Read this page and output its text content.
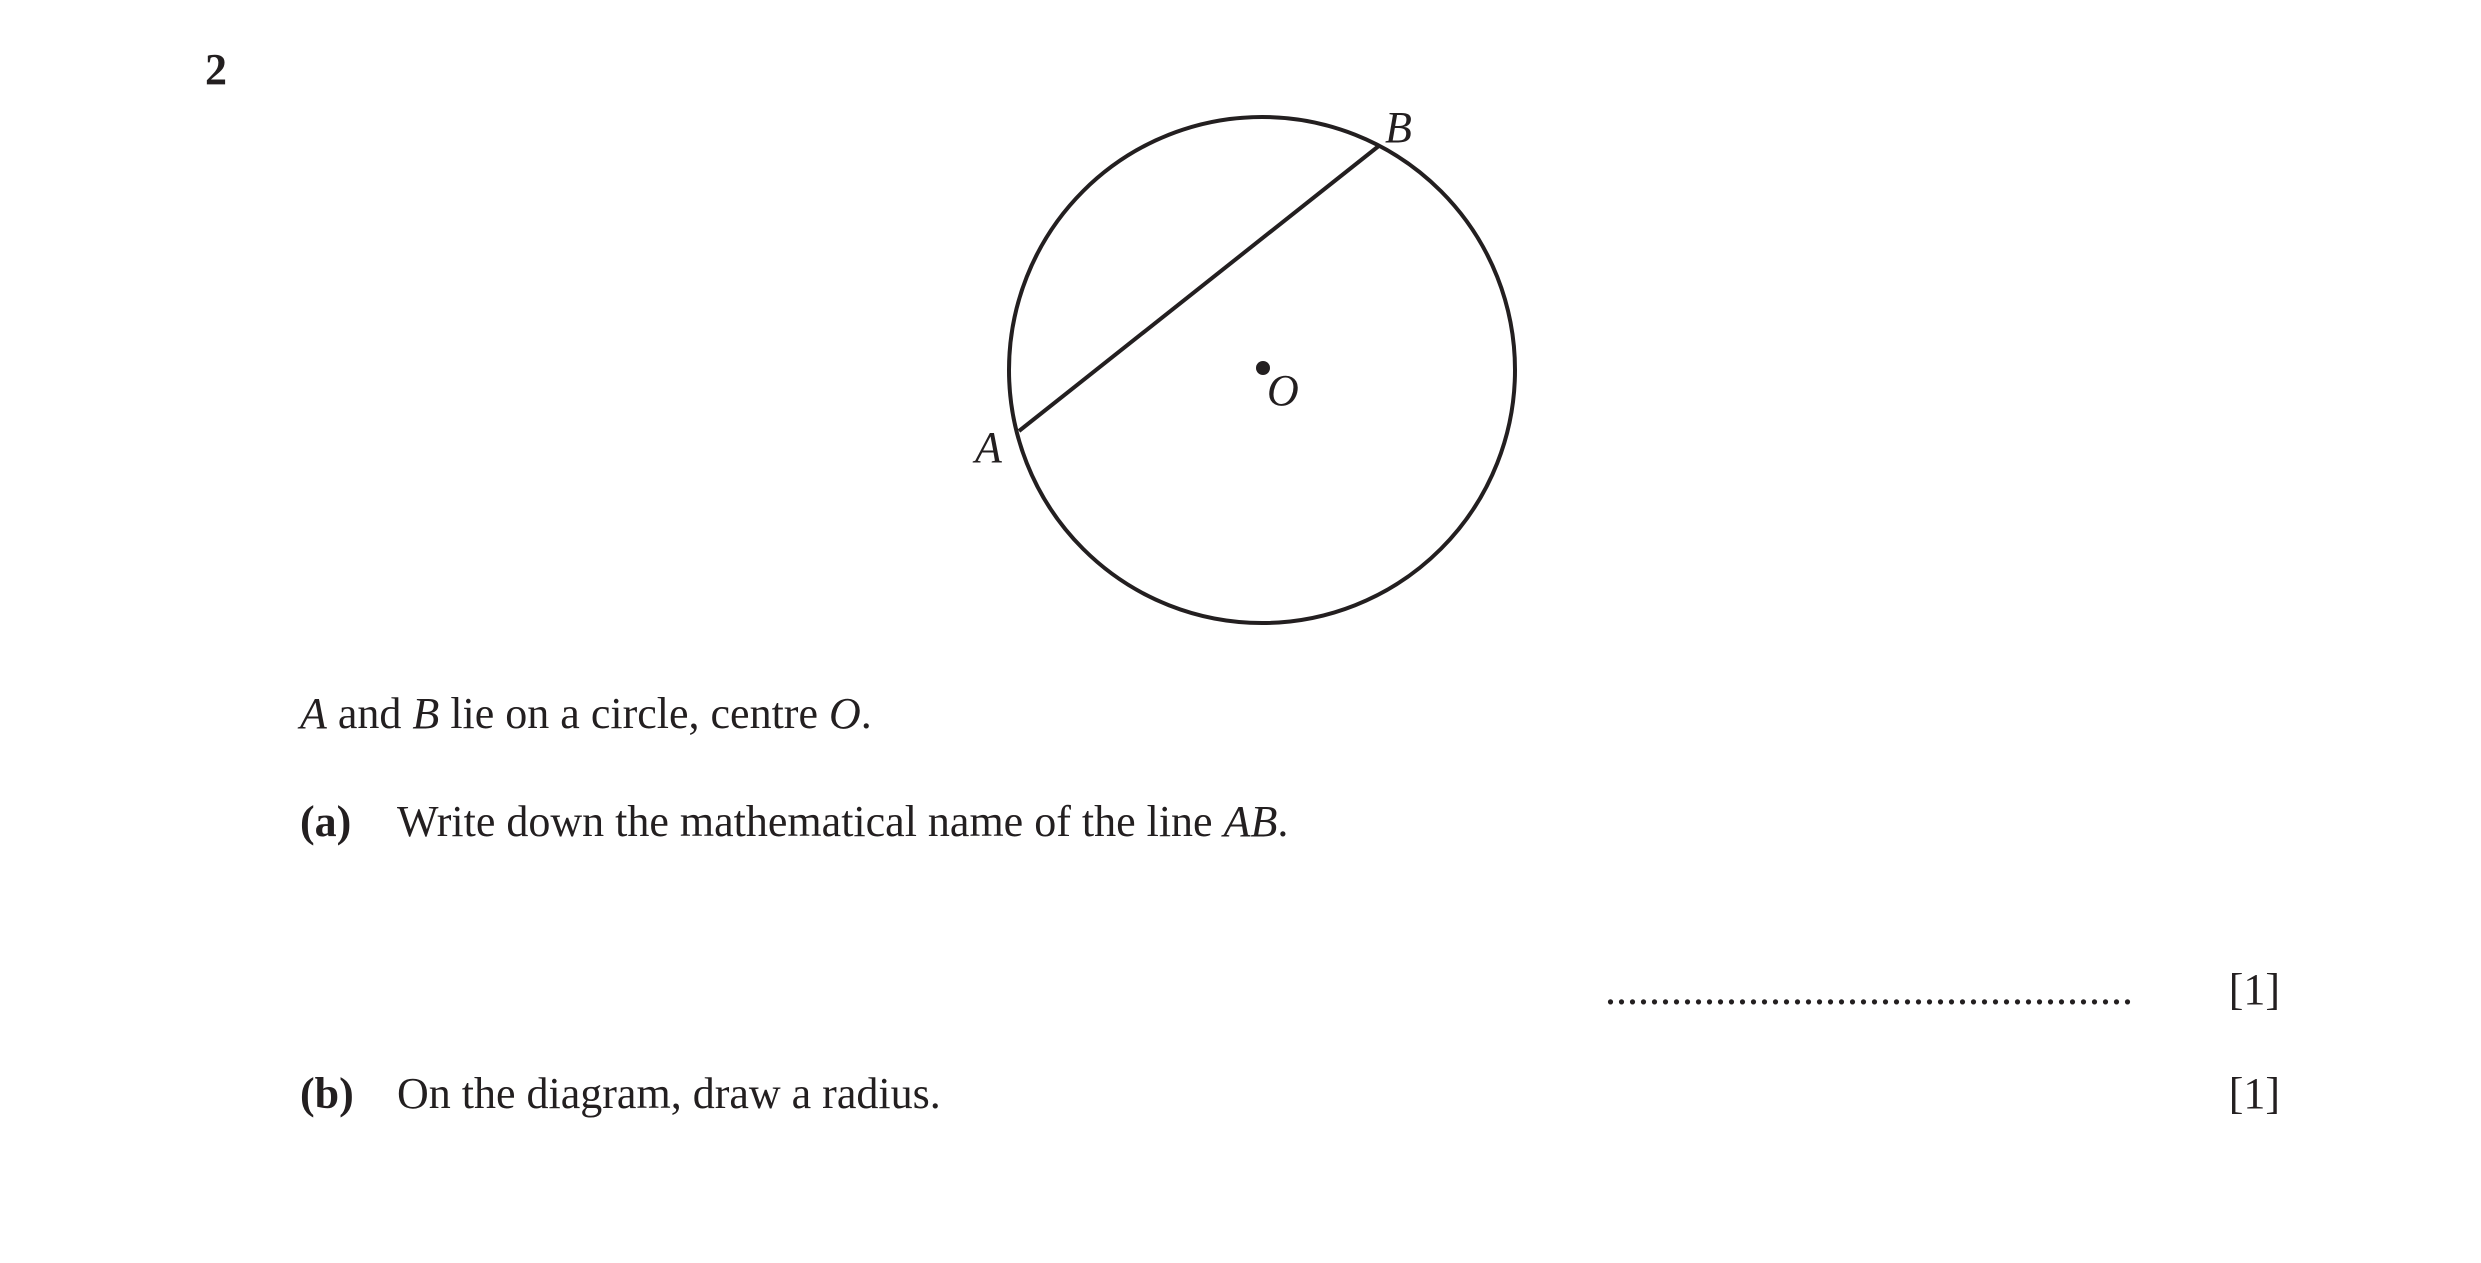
2
O
A
B
A and B lie on a circle, centre O.
(a) Write down the mathematical name of the line AB.
................................................ [1]
(b) On the diagram, draw a radius.	[1]
